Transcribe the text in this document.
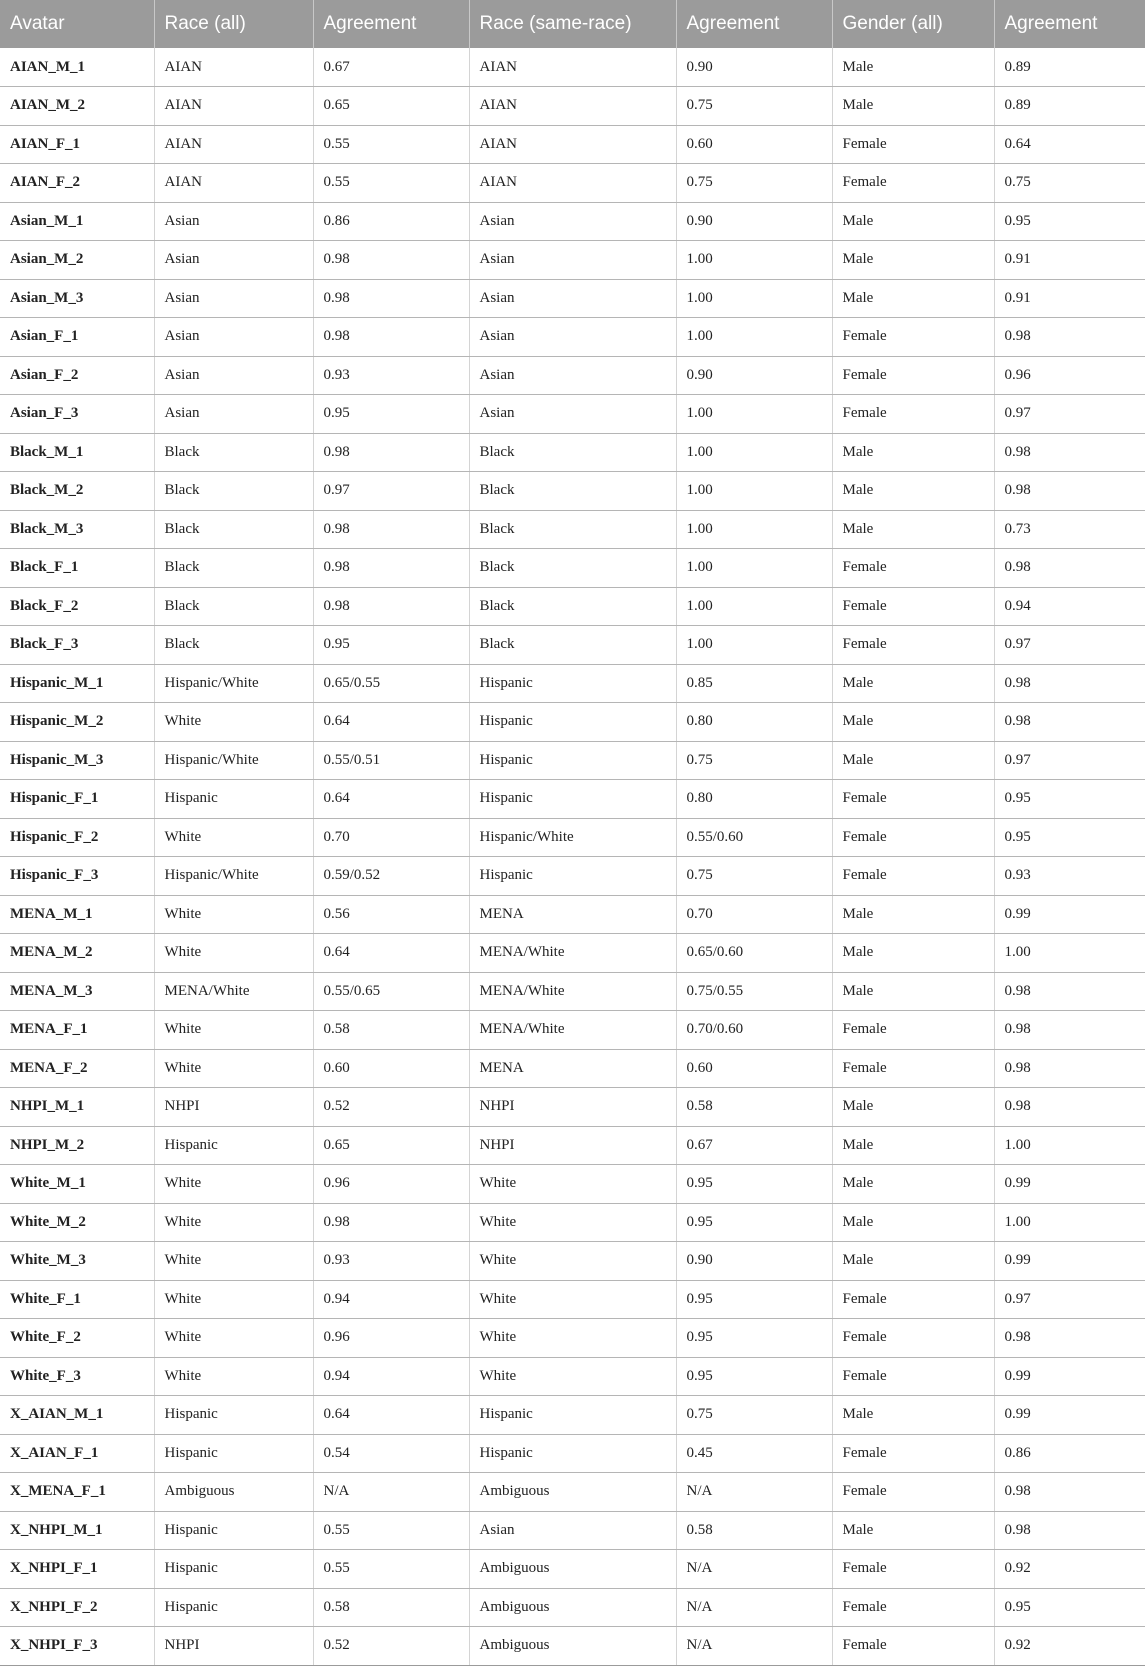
Avatar	Race (all)	Agreement	Race (same-race)	Agreement	Gender (all)	Agreement
AIAN_M_1	AIAN	0.67	AIAN	0.90	Male	0.89
AIAN_M_2	AIAN	0.65	AIAN	0.75	Male	0.89
AIAN_F_1	AIAN	0.55	AIAN	0.60	Female	0.64
AIAN_F_2	AIAN	0.55	AIAN	0.75	Female	0.75
Asian_M_1	Asian	0.86	Asian	0.90	Male	0.95
Asian_M_2	Asian	0.98	Asian	1.00	Male	0.91
Asian_M_3	Asian	0.98	Asian	1.00	Male	0.91
Asian_F_1	Asian	0.98	Asian	1.00	Female	0.98
Asian_F_2	Asian	0.93	Asian	0.90	Female	0.96
Asian_F_3	Asian	0.95	Asian	1.00	Female	0.97
Black_M_1	Black	0.98	Black	1.00	Male	0.98
Black_M_2	Black	0.97	Black	1.00	Male	0.98
Black_M_3	Black	0.98	Black	1.00	Male	0.73
Black_F_1	Black	0.98	Black	1.00	Female	0.98
Black_F_2	Black	0.98	Black	1.00	Female	0.94
Black_F_3	Black	0.95	Black	1.00	Female	0.97
Hispanic_M_1	Hispanic/White	0.65/0.55	Hispanic	0.85	Male	0.98
Hispanic_M_2	White	0.64	Hispanic	0.80	Male	0.98
Hispanic_M_3	Hispanic/White	0.55/0.51	Hispanic	0.75	Male	0.97
Hispanic_F_1	Hispanic	0.64	Hispanic	0.80	Female	0.95
Hispanic_F_2	White	0.70	Hispanic/White	0.55/0.60	Female	0.95
Hispanic_F_3	Hispanic/White	0.59/0.52	Hispanic	0.75	Female	0.93
MENA_M_1	White	0.56	MENA	0.70	Male	0.99
MENA_M_2	White	0.64	MENA/White	0.65/0.60	Male	1.00
MENA_M_3	MENA/White	0.55/0.65	MENA/White	0.75/0.55	Male	0.98
MENA_F_1	White	0.58	MENA/White	0.70/0.60	Female	0.98
MENA_F_2	White	0.60	MENA	0.60	Female	0.98
NHPI_M_1	NHPI	0.52	NHPI	0.58	Male	0.98
NHPI_M_2	Hispanic	0.65	NHPI	0.67	Male	1.00
White_M_1	White	0.96	White	0.95	Male	0.99
White_M_2	White	0.98	White	0.95	Male	1.00
White_M_3	White	0.93	White	0.90	Male	0.99
White_F_1	White	0.94	White	0.95	Female	0.97
White_F_2	White	0.96	White	0.95	Female	0.98
White_F_3	White	0.94	White	0.95	Female	0.99
X_AIAN_M_1	Hispanic	0.64	Hispanic	0.75	Male	0.99
X_AIAN_F_1	Hispanic	0.54	Hispanic	0.45	Female	0.86
X_MENA_F_1	Ambiguous	N/A	Ambiguous	N/A	Female	0.98
X_NHPI_M_1	Hispanic	0.55	Asian	0.58	Male	0.98
X_NHPI_F_1	Hispanic	0.55	Ambiguous	N/A	Female	0.92
X_NHPI_F_2	Hispanic	0.58	Ambiguous	N/A	Female	0.95
X_NHPI_F_3	NHPI	0.52	Ambiguous	N/A	Female	0.92
